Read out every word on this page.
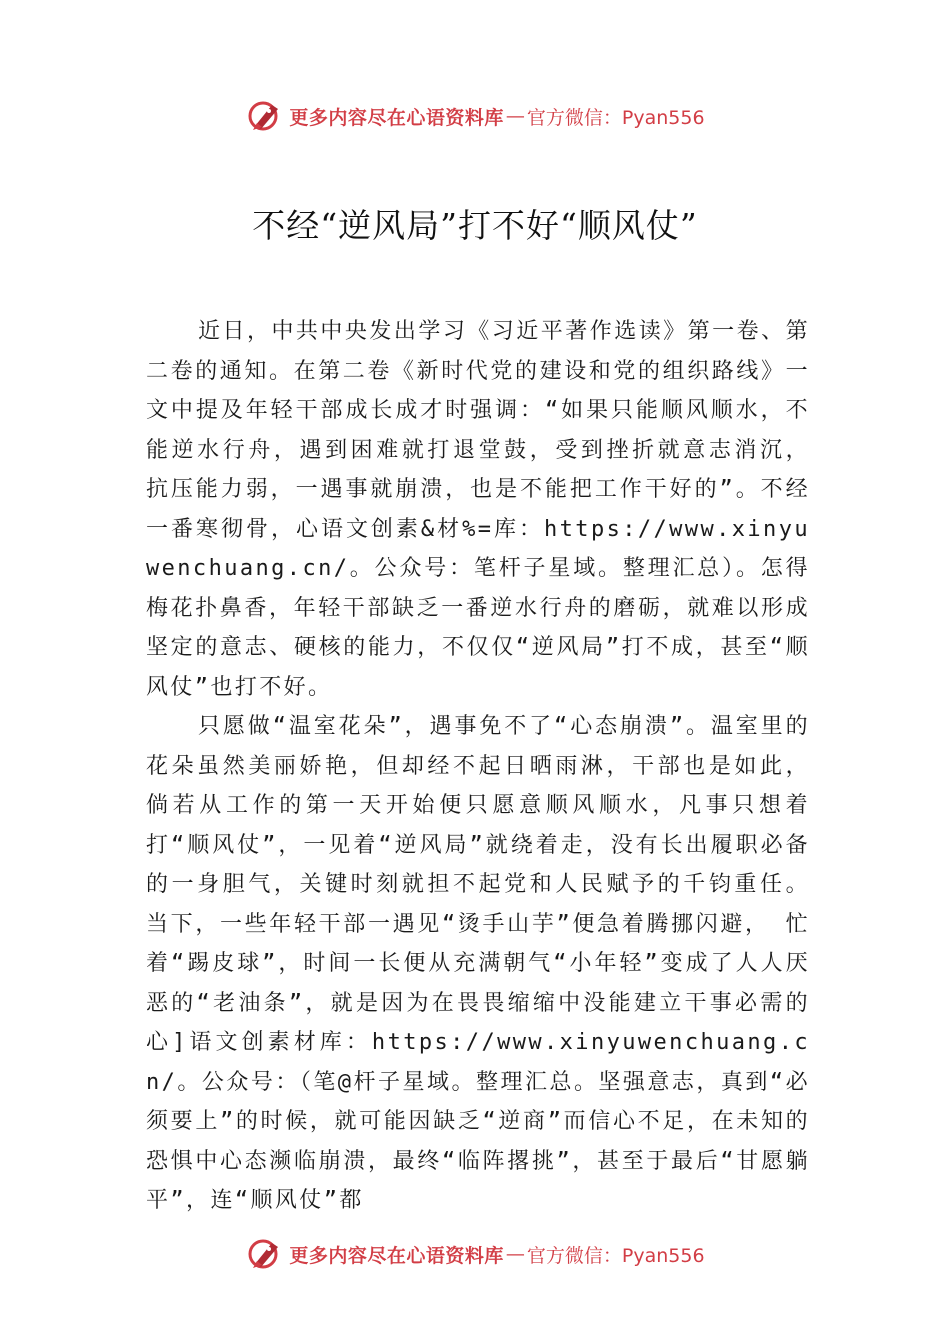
更多内容尽在心语资料库 — 官方微信：Pyan556
不经“逆风局”打不好“顺风仗”

近日，中共中央发出学习《习近平著作选读》第一卷、第二卷的通知。在第二卷《新时代党的建设和党的组织路线》一文中提及年轻干部成长成才时强调：“如果只能顺风顺水，不能逆水行舟，遇到困难就打退堂鼓，受到挫折就意志消沉， 抗压能力弱，一遇事就崩溃，也是不能把工作干好的”。不经一番寒彻骨，心语文创素&材%=库：https://www.xinyuwenchuang.cn/。公众号：笔杆子星域。整理汇总）。怎得梅花扑鼻香，年轻干部缺乏一番逆水行舟的磨砺，就难以形成坚定的意志、硬核的能力，不仅仅“逆风局”打不成，甚至“顺风仗”也打不好。

只愿做“温室花朵”，遇事免不了“心态崩溃”。温室里的花朵虽然美丽娇艳，但却经不起日晒雨淋，干部也是如此， 倘若从工作的第一天开始便只愿意顺风顺水，凡事只想着打“顺风仗”，一见着“逆风局”就绕着走，没有长出履职必备的一身胆气，关键时刻就担不起党和人民赋予的千钧重任。 当下，一些年轻干部一遇见“烫手山芋”便急着腾挪闪避， 忙着“踢皮球”，时间一长便从充满朝气“小年轻”变成了人人厌恶的“老油条”，就是因为在畏畏缩缩中没能建立干事必需的心]语文创素材库：https://www.xinyuwenchuang.cn/。公众号：（笔@杆子星域。整理汇总。坚强意志，真到“必须要上”的时候，就可能因缺乏“逆商”而信心不足，在未知的恐惧中心态濒临崩溃，最终“临阵撂挑”，甚至于最后“甘愿躺平”，连“顺风仗”都

更多内容尽在心语资料库 — 官方微信：Pyan556
